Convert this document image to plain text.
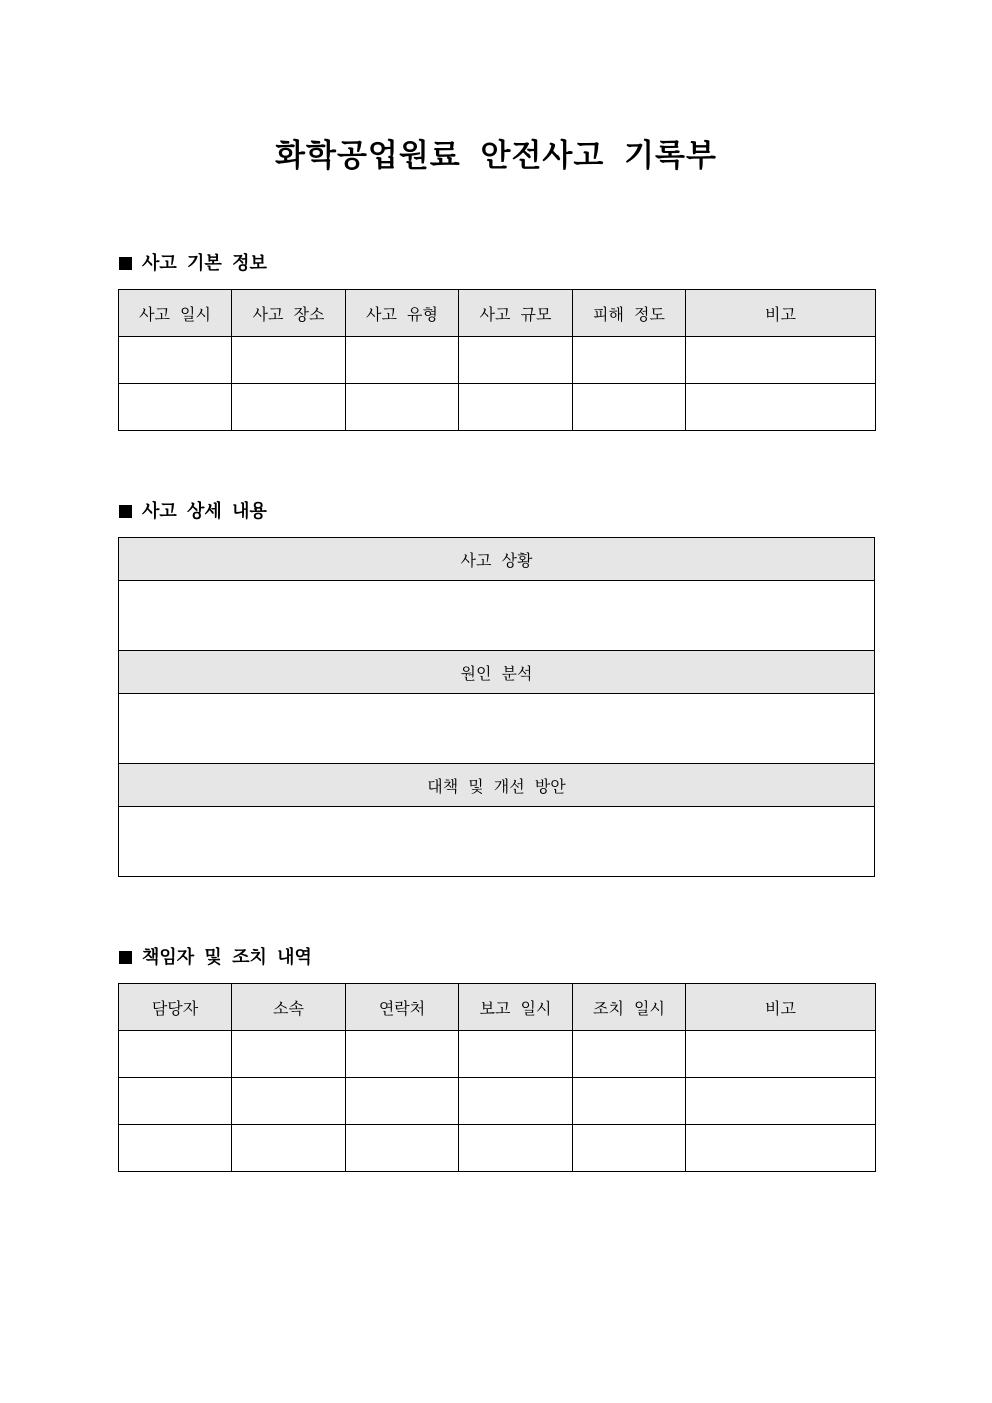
화학공업원료 안전사고 기록부
사고 기본 정보
사고 일시	사고 장소	사고 유형	사고 규모	피해 정도	비고

사고 상세 내용
사고 상황

원인 분석

대책 및 개선 방안

책임자 및 조치 내역
담당자	소속	연락처	보고 일시	조치 일시	비고
